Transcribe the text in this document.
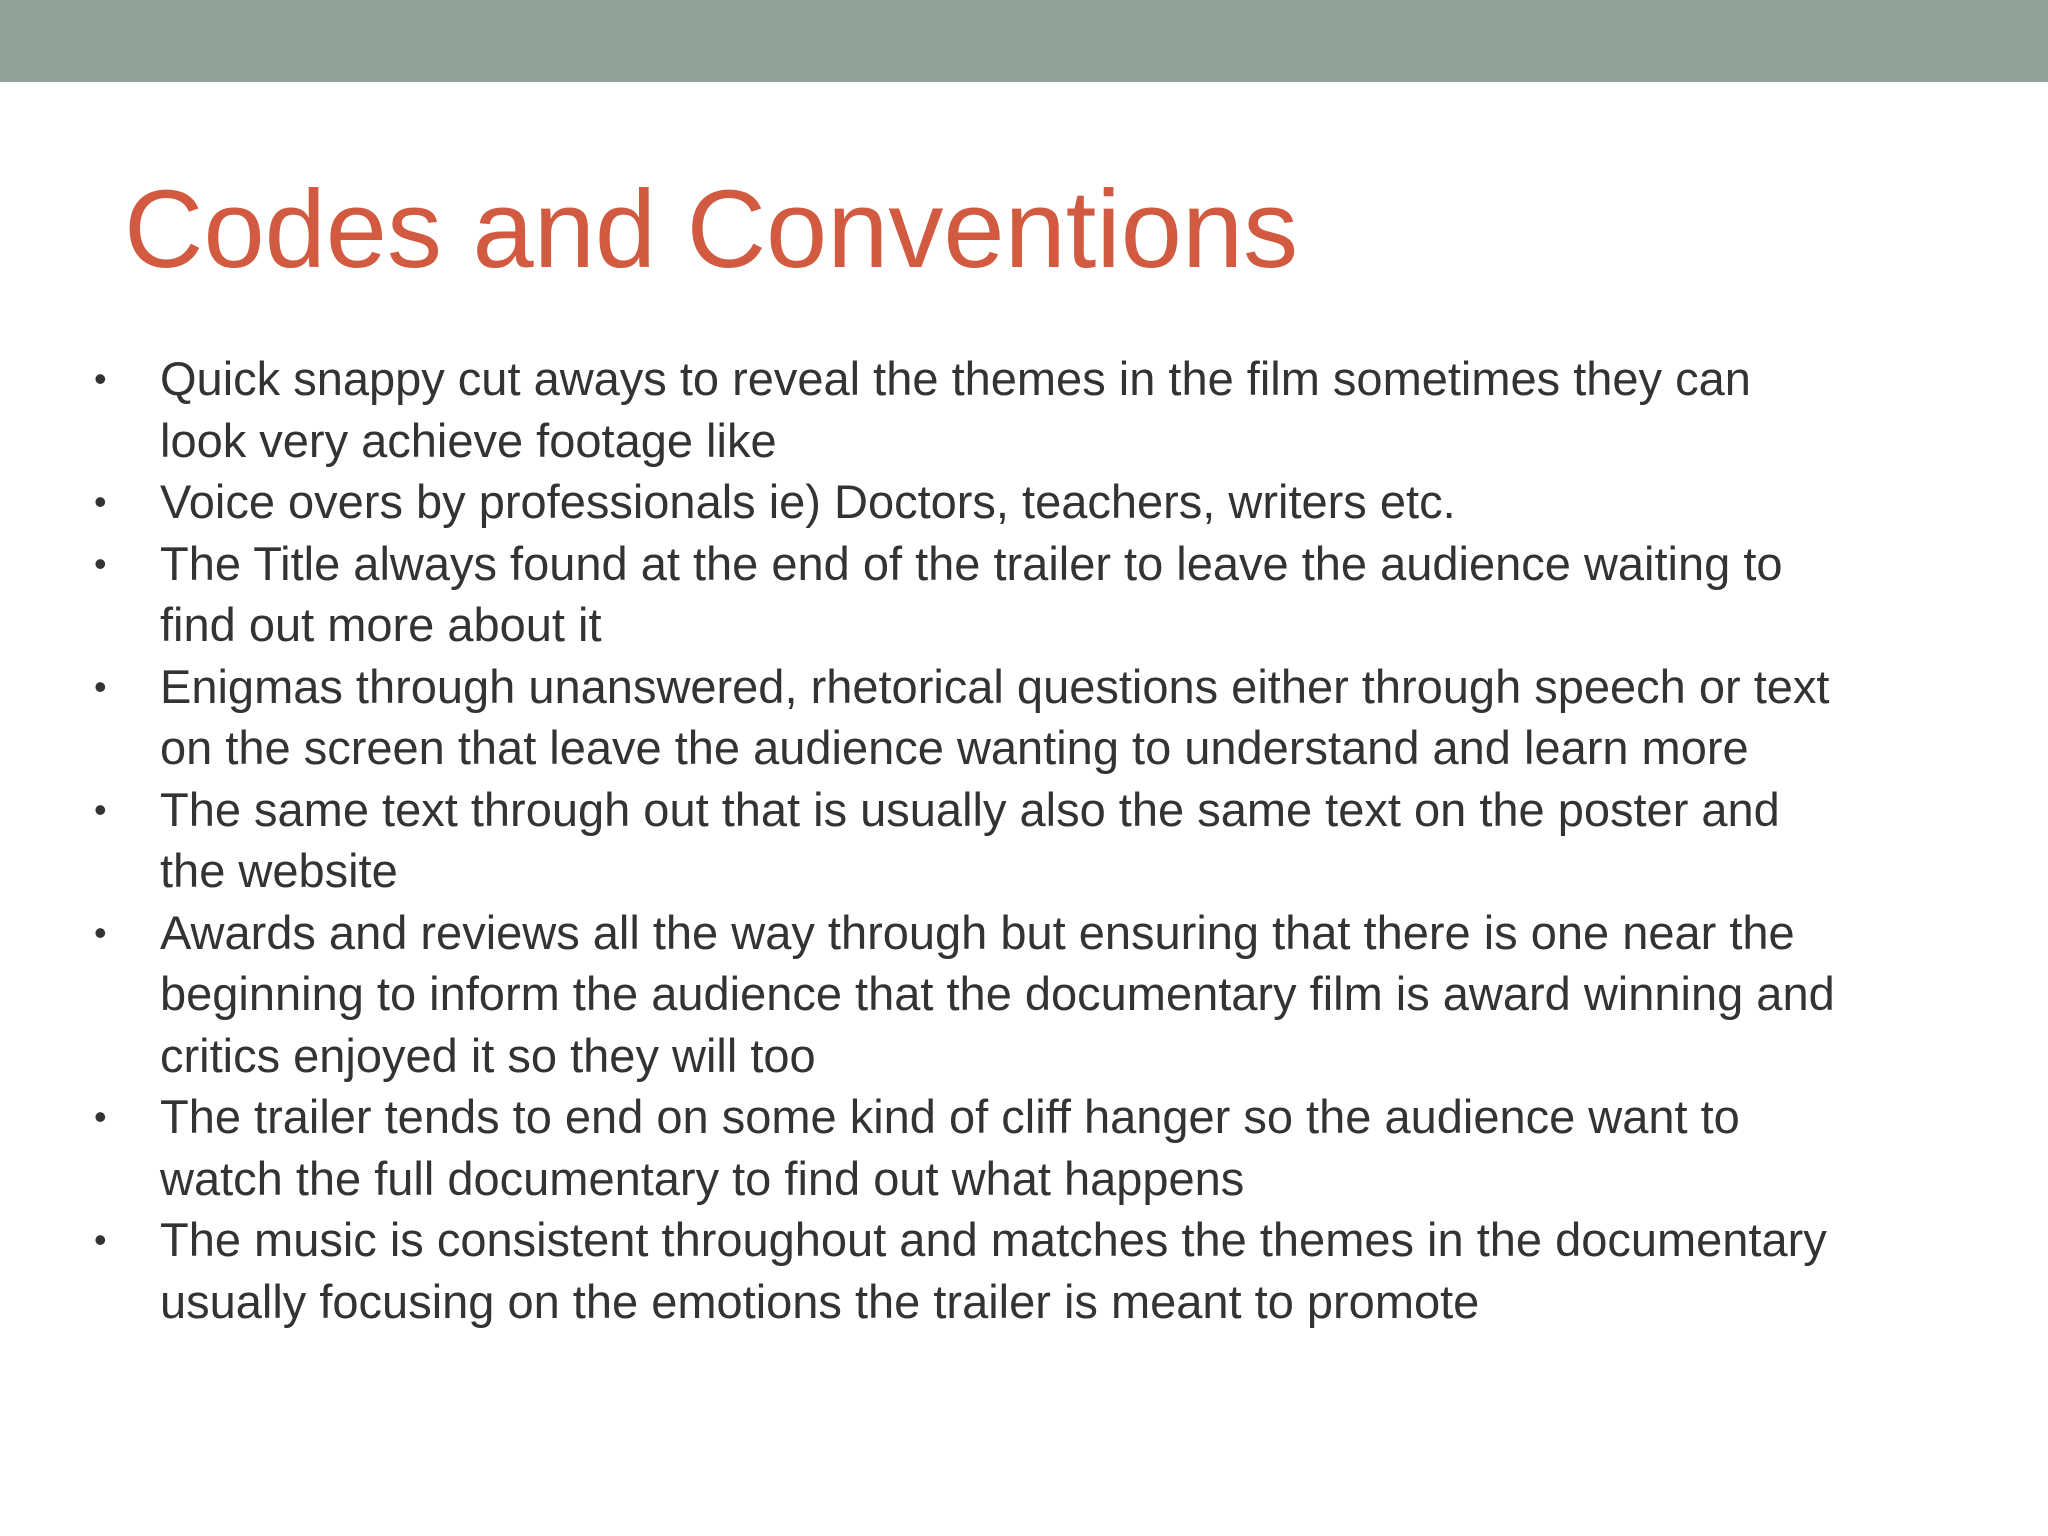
Codes and Conventions
• Quick snappy cut aways to reveal the themes in the film sometimes they can
look very achieve footage like
• Voice overs by professionals ie) Doctors, teachers, writers etc.
• The Title always found at the end of the trailer to leave the audience waiting to
find out more about it
• Enigmas through unanswered, rhetorical questions either through speech or text
on the screen that leave the audience wanting to understand and learn more
• The same text through out that is usually also the same text on the poster and
the website
• Awards and reviews all the way through but ensuring that there is one near the
beginning to inform the audience that the documentary film is award winning and
critics enjoyed it so they will too
• The trailer tends to end on some kind of cliff hanger so the audience want to
watch the full documentary to find out what happens
• The music is consistent throughout and matches the themes in the documentary
usually focusing on the emotions the trailer is meant to promote
